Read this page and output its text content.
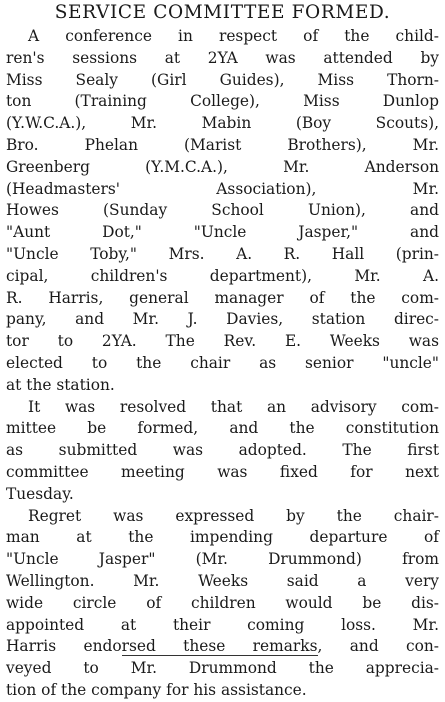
SERVICE COMMITTEE FORMED.

A conference in respect of the child-
ren's sessions at 2YA was attended by
Miss Sealy (Girl Guides), Miss Thorn-
ton (Training College), Miss Dunlop
(Y.W.C.A.), Mr. Mabin (Boy Scouts),
Bro. Phelan (Marist Brothers), Mr.
Greenberg (Y.M.C.A.), Mr. Anderson
(Headmasters' Association), Mr.
Howes (Sunday School Union), and
"Aunt Dot," "Uncle Jasper," and
"Uncle Toby," Mrs. A. R. Hall (prin-
cipal, children's department), Mr. A.
R. Harris, general manager of the com-
pany, and Mr. J. Davies, station direc-
tor to 2YA. The Rev. E. Weeks was
elected to the chair as senior "uncle"
at the station.

It was resolved that an advisory com-
mittee be formed, and the constitution
as submitted was adopted. The first
committee meeting was fixed for next
Tuesday.

Regret was expressed by the chair-
man at the impending departure of
"Uncle Jasper" (Mr. Drummond) from
Wellington. Mr. Weeks said a very
wide circle of children would be dis-
appointed at their coming loss. Mr.
Harris endorsed these remarks, and con-
veyed to Mr. Drummond the apprecia-
tion of the company for his assistance.
